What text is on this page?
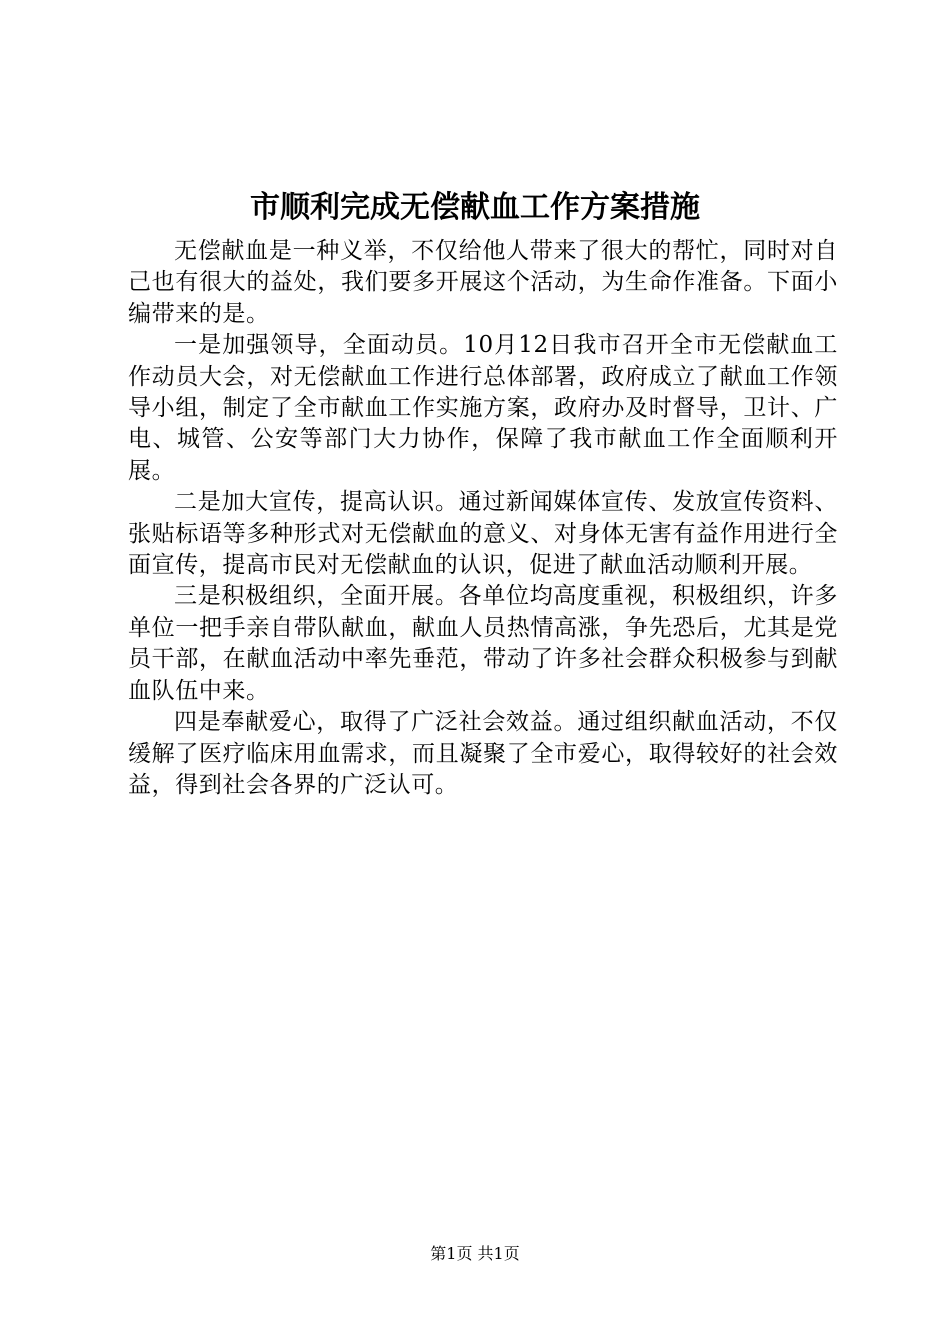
市顺利完成无偿献血工作方案措施

无偿献血是一种义举，不仅给他人带来了很大的帮忙，同时对自己也有很大的益处，我们要多开展这个活动，为生命作准备。下面小编带来的是。

一是加强领导，全面动员。10月12日我市召开全市无偿献血工作动员大会，对无偿献血工作进行总体部署，政府成立了献血工作领导小组，制定了全市献血工作实施方案，政府办及时督导，卫计、广电、城管、公安等部门大力协作，保障了我市献血工作全面顺利开展。

二是加大宣传，提高认识。通过新闻媒体宣传、发放宣传资料、张贴标语等多种形式对无偿献血的意义、对身体无害有益作用进行全面宣传，提高市民对无偿献血的认识，促进了献血活动顺利开展。

三是积极组织，全面开展。各单位均高度重视，积极组织，许多单位一把手亲自带队献血，献血人员热情高涨，争先恐后，尤其是党员干部，在献血活动中率先垂范，带动了许多社会群众积极参与到献血队伍中来。

四是奉献爱心，取得了广泛社会效益。通过组织献血活动，不仅缓解了医疗临床用血需求，而且凝聚了全市爱心，取得较好的社会效益，得到社会各界的广泛认可。

第1页 共1页
